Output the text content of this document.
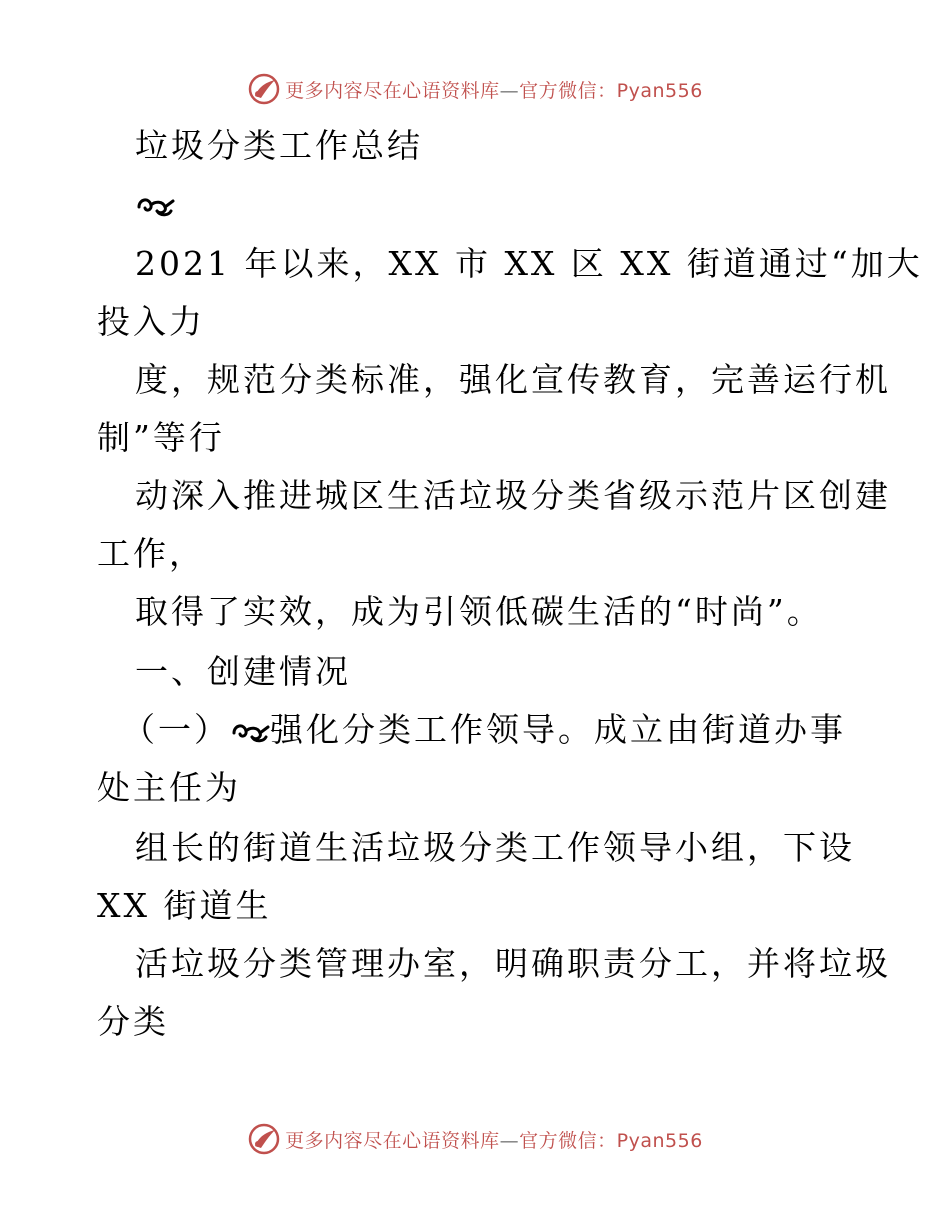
更多内容尽在心语资料库—官方微信：Pyan556
垃圾分类工作总结
2021 年以来，XX 市 XX 区 XX 街道通过“加大
投入力
度，规范分类标准，强化宣传教育，完善运行机
制”等行
动深入推进城区生活垃圾分类省级示范片区创建
工作，
取得了实效，成为引领低碳生活的“时尚”。
一、创建情况
（一） 强化分类工作领导。成立由街道办事
处主任为
组长的街道生活垃圾分类工作领导小组，下设
XX 街道生
活垃圾分类管理办室，明确职责分工，并将垃圾
分类
更多内容尽在心语资料库—官方微信：Pyan556
